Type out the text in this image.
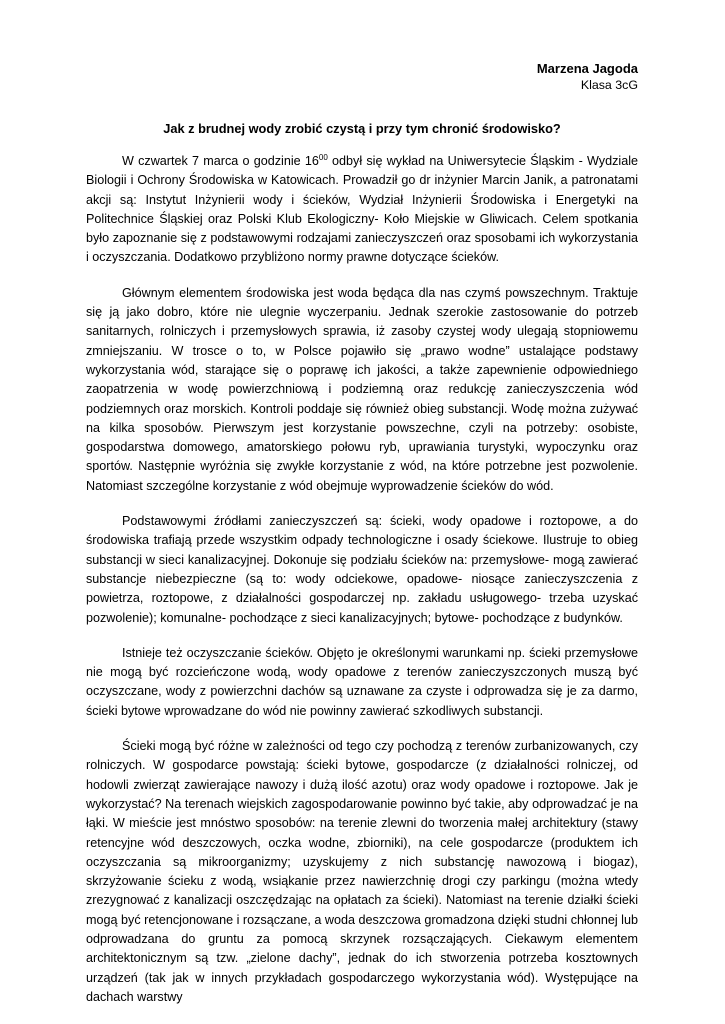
Marzena Jagoda
Klasa 3cG
Jak z brudnej wody zrobić czystą i przy tym chronić środowisko?

W czwartek 7 marca o godzinie $16^{00}$ odbył się wykład na Uniwersytecie Śląskim - Wydziale Biologii i Ochrony Środowiska w Katowicach. Prowadził go dr inżynier Marcin Janik, a patronatami akcji są: Instytut Inżynierii wody i ścieków, Wydział Inżynierii Środowiska i Energetyki na Politechnice Śląskiej oraz Polski Klub Ekologiczny- Koło Miejskie w Gliwicach. Celem spotkania było zapoznanie się z podstawowymi rodzajami zanieczyszczeń oraz sposobami ich wykorzystania i oczyszczania. Dodatkowo przybliżono normy prawne dotyczące ścieków.

Głównym elementem środowiska jest woda będąca dla nas czymś powszechnym. Traktuje się ją jako dobro, które nie ulegnie wyczerpaniu. Jednak szerokie zastosowanie do potrzeb sanitarnych, rolniczych i przemysłowych sprawia, iż zasoby czystej wody ulegają stopniowemu zmniejszaniu. W trosce o to, w Polsce pojawiło się „prawo wodne” ustalające podstawy wykorzystania wód, starające się o poprawę ich jakości, a także zapewnienie odpowiedniego zaopatrzenia w wodę powierzchniową i podziemną oraz redukcję zanieczyszczenia wód podziemnych oraz morskich. Kontroli poddaje się również obieg substancji. Wodę można zużywać na kilka sposobów. Pierwszym jest korzystanie powszechne, czyli na potrzeby: osobiste, gospodarstwa domowego, amatorskiego połowu ryb, uprawiania turystyki, wypoczynku oraz sportów. Następnie wyróżnia się zwykłe korzystanie z wód, na które potrzebne jest pozwolenie. Natomiast szczególne korzystanie z wód obejmuje wyprowadzenie ścieków do wód.

Podstawowymi źródłami zanieczyszczeń są: ścieki, wody opadowe i roztopowe, a do środowiska trafiają przede wszystkim odpady technologiczne i osady ściekowe. Ilustruje to obieg substancji w sieci kanalizacyjnej. Dokonuje się podziału ścieków na: przemysłowe- mogą zawierać substancje niebezpieczne (są to: wody odciekowe, opadowe- niosące zanieczyszczenia z powietrza, roztopowe, z działalności gospodarczej np. zakładu usługowego- trzeba uzyskać pozwolenie); komunalne- pochodzące z sieci kanalizacyjnych; bytowe- pochodzące z budynków.

Istnieje też oczyszczanie ścieków. Objęto je określonymi warunkami np. ścieki przemysłowe nie mogą być rozcieńczone wodą, wody opadowe z terenów zanieczyszczonych muszą być oczyszczane, wody z powierzchni dachów są uznawane za czyste i odprowadza się je za darmo, ścieki bytowe wprowadzane do wód nie powinny zawierać szkodliwych substancji.

Ścieki mogą być różne w zależności od tego czy pochodzą z terenów zurbanizowanych, czy rolniczych. W gospodarce powstają: ścieki bytowe, gospodarcze (z działalności rolniczej, od hodowli zwierząt zawierające nawozy i dużą ilość azotu) oraz wody opadowe i roztopowe. Jak je wykorzystać? Na terenach wiejskich zagospodarowanie powinno być takie, aby odprowadzać je na łąki. W mieście jest mnóstwo sposobów: na terenie zlewni do tworzenia małej architektury (stawy retencyjne wód deszczowych, oczka wodne, zbiorniki), na cele gospodarcze (produktem ich oczyszczania są mikroorganizmy; uzyskujemy z nich substancję nawozową i biogaz), skrzyżowanie ścieku z wodą, wsiąkanie przez nawierzchnię drogi czy parkingu (można wtedy zrezygnować z kanalizacji oszczędzając na opłatach za ścieki). Natomiast na terenie działki ścieki mogą być retencjonowane i rozsączane, a woda deszczowa gromadzona dzięki studni chłonnej lub odprowadzana do gruntu za pomocą skrzynek rozsączających. Ciekawym elementem architektonicznym są tzw. „zielone dachy”, jednak do ich stworzenia potrzeba kosztownych urządzeń (tak jak w innych przykładach gospodarczego wykorzystania wód). Występujące na dachach warstwy
